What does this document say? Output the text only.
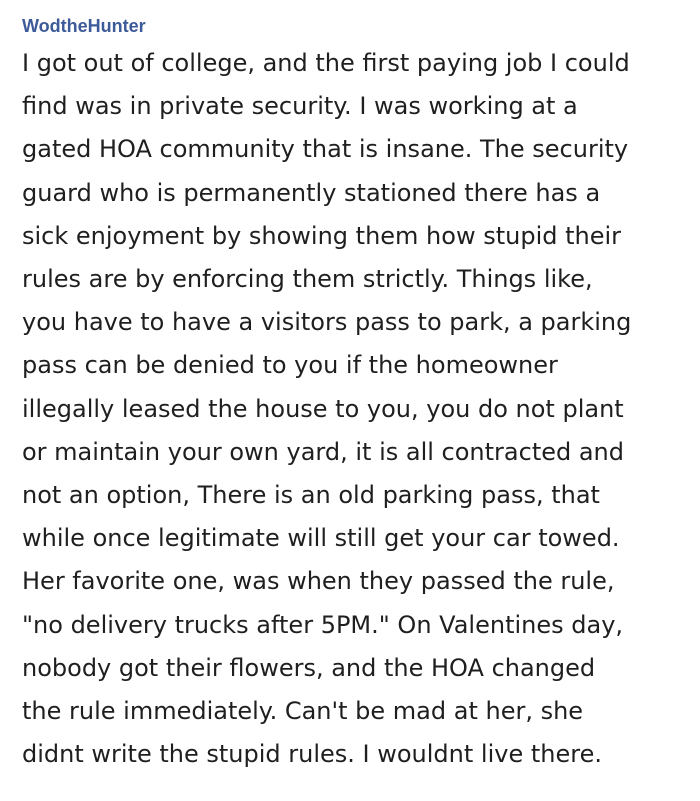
WodtheHunter
I got out of college, and the first paying job I could
find was in private security. I was working at a
gated HOA community that is insane. The security
guard who is permanently stationed there has a
sick enjoyment by showing them how stupid their
rules are by enforcing them strictly. Things like,
you have to have a visitors pass to park, a parking
pass can be denied to you if the homeowner
illegally leased the house to you, you do not plant
or maintain your own yard, it is all contracted and
not an option, There is an old parking pass, that
while once legitimate will still get your car towed.
Her favorite one, was when they passed the rule,
"no delivery trucks after 5PM." On Valentines day,
nobody got their flowers, and the HOA changed
the rule immediately. Can't be mad at her, she
didnt write the stupid rules. I wouldnt live there.
